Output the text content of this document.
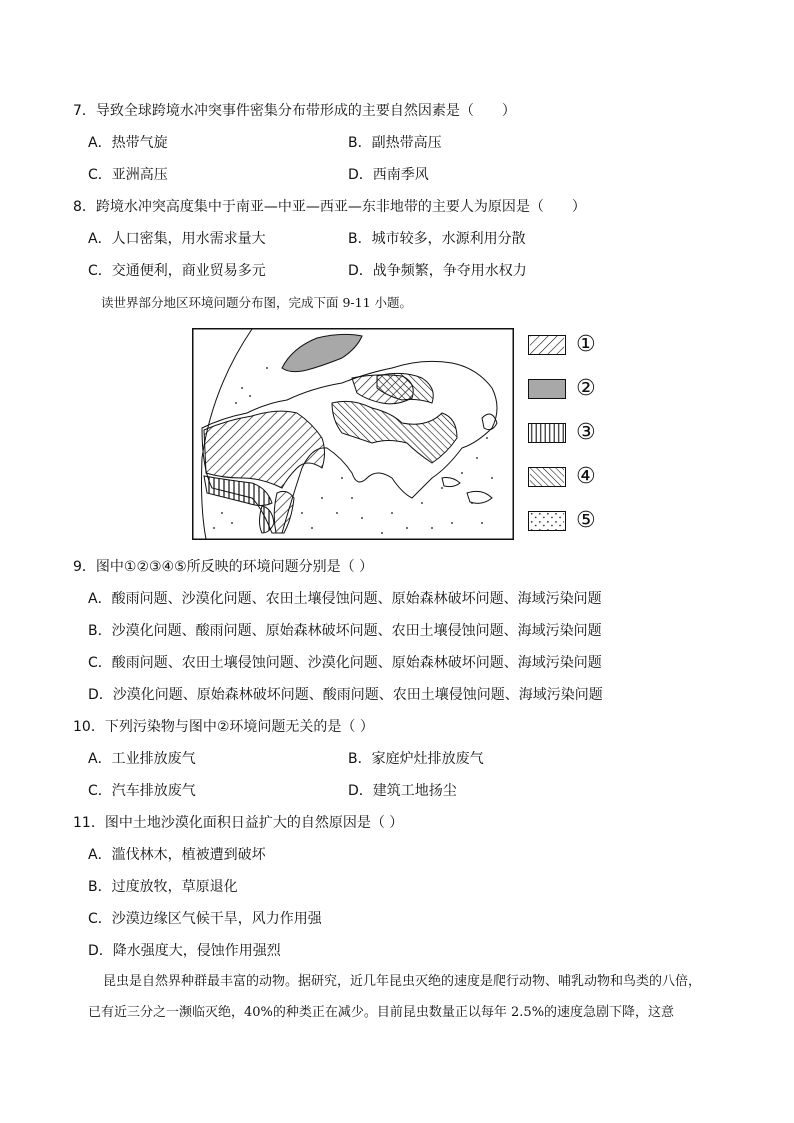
7．导致全球跨境水冲突事件密集分布带形成的主要自然因素是（　　）
A．热带气旋	B．副热带高压
C．亚洲高压	D．西南季风
8．跨境水冲突高度集中于南亚—中亚—西亚—东非地带的主要人为原因是（　　）
A．人口密集，用水需求量大	B．城市较多，水源利用分散
C．交通便利，商业贸易多元	D．战争频繁，争夺用水权力
读世界部分地区环境问题分布图，完成下面 9-11 小题。
①
②
③
④
⑤
9．图中①②③④⑤所反映的环境问题分别是（ ）
A．酸雨问题、沙漠化问题、农田土壤侵蚀问题、原始森林破坏问题、海域污染问题
B．沙漠化问题、酸雨问题、原始森林破坏问题、农田土壤侵蚀问题、海域污染问题
C．酸雨问题、农田土壤侵蚀问题、沙漠化问题、原始森林破坏问题、海域污染问题
D．沙漠化问题、原始森林破坏问题、酸雨问题、农田土壤侵蚀问题、海域污染问题
10．下列污染物与图中②环境问题无关的是（ ）
A．工业排放废气	B．家庭炉灶排放废气
C．汽车排放废气	D．建筑工地扬尘
11．图中土地沙漠化面积日益扩大的自然原因是（ ）
A．滥伐林木，植被遭到破坏
B．过度放牧，草原退化
C．沙漠边缘区气候干旱，风力作用强
D．降水强度大，侵蚀作用强烈
昆虫是自然界种群最丰富的动物。据研究，近几年昆虫灭绝的速度是爬行动物、哺乳动物和鸟类的八倍，已有近三分之一濒临灭绝，40%的种类正在减少。目前昆虫数量正以每年 2.5%的速度急剧下降，这意
